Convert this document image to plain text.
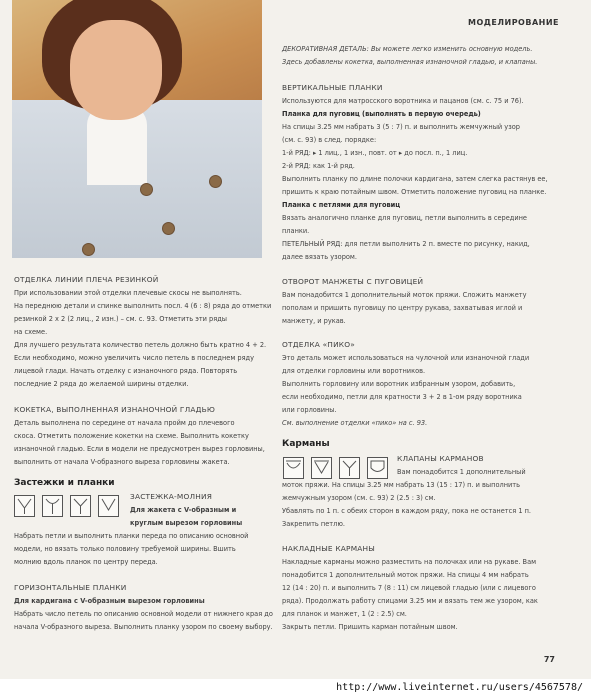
МОДЕЛИРОВАНИЕ
ДЕКОРАТИВНАЯ ДЕТАЛЬ: Вы можете легко изменить основную модель.
Здесь добавлены кокетка, выполненная изнаночной гладью, и клапаны.
ВЕРТИКАЛЬНЫЕ ПЛАНКИ
Используются для матросского воротника и пацанов (см. с. 75 и 76).
Планка для пуговиц (выполнять в первую очередь)
На спицы 3.25 мм набрать 3 (5 : 7) п. и выполнить жемчужный узор
(см. с. 93) в след. порядке:
1-й РЯД: ▸ 1 лиц., 1 изн., повт. от ▸ до посл. п., 1 лиц.
2-й РЯД: как 1-й ряд.
Выполнить планку по длине полочки кардигана, затем слегка растянув ее,
пришить к краю потайным швом. Отметить положение пуговиц на планке.
Планка с петлями для пуговиц
Вязать аналогично планке для пуговиц, петли выполнить в середине
планки.
ПЕТЕЛЬНЫЙ РЯД: для петли выполнить 2 п. вместе по рисунку, накид,
далее вязать узором.
ОТВОРОТ МАНЖЕТЫ С ПУГОВИЦЕЙ
Вам понадобится 1 дополнительный моток пряжи. Сложить манжету
пополам и пришить пуговицу по центру рукава, захватывая иглой и
манжету, и рукав.
ОТДЕЛКА «ПИКО»
Это деталь может использоваться на чулочной или изнаночной глади
для отделки горловины или воротников.
Выполнить горловину или воротник избранным узором, добавить,
если необходимо, петли для кратности 3 + 2 в 1-ом ряду воротника
или горловины.
См. выполнение отделки «пико» на с. 93.
Карманы
КЛАПАНЫ КАРМАНОВ
Вам понадобится 1 дополнительный
моток пряжи. На спицы 3.25 мм набрать 13 (15 : 17) п. и выполнить
жемчужным узором (см. с. 93) 2 (2.5 : 3) см.
Убавлять по 1 п. с обеих сторон в каждом ряду, пока не останется 1 п.
Закрепить петлю.
НАКЛАДНЫЕ КАРМАНЫ
Накладные карманы можно разместить на полочках или на рукаве. Вам
понадобится 1 дополнительный моток пряжи. На спицы 4 мм набрать
12 (14 : 20) п. и выполнить 7 (8 : 11) см лицевой гладью (или с лицевого
ряда). Продолжать работу спицами 3.25 мм и вязать тем же узором, как
для планок и манжет, 1 (2 : 2.5) см.
Закрыть петли. Пришить карман потайным швом.
ОТДЕЛКА ЛИНИИ ПЛЕЧА РЕЗИНКОЙ
При использовании этой отделки плечевые скосы не выполнять.
На переднюю детали и спинке выполнить посл. 4 (6 : 8) ряда до отметки
резинкой 2 x 2 (2 лиц., 2 изн.) – см. с. 93. Отметить эти ряды
на схеме.
Для лучшего результата количество петель должно быть кратно 4 + 2.
Если необходимо, можно увеличить число петель в последнем ряду
лицевой глади. Начать отделку с изнаночного ряда. Повторять
последние 2 ряда до желаемой ширины отделки.
КОКЕТКА, ВЫПОЛНЕННАЯ ИЗНАНОЧНОЙ ГЛАДЬЮ
Деталь выполнена по середине от начала пройм до плечевого
скоса. Отметить положение кокетки на схеме. Выполнить кокетку
изнаночной гладью. Если в модели не предусмотрен вырез горловины,
выполнить от начала V-образного выреза горловины жакета.
Застежки и планки
ЗАСТЕЖКА-МОЛНИЯ
Для жакета с V-образным и
круглым вырезом горловины
Набрать петли и выполнить планки переда по описанию основной
модели, но вязать только половину требуемой ширины. Вшить
молнию вдоль планок по центру переда.
ГОРИЗОНТАЛЬНЫЕ ПЛАНКИ
Для кардигана с V-образным вырезом горловины
Набрать число петель по описанию основной модели от нижнего края до
начала V-образного выреза. Выполнить планку узором по своему выбору.
77
http://www.liveinternet.ru/users/4567578/
